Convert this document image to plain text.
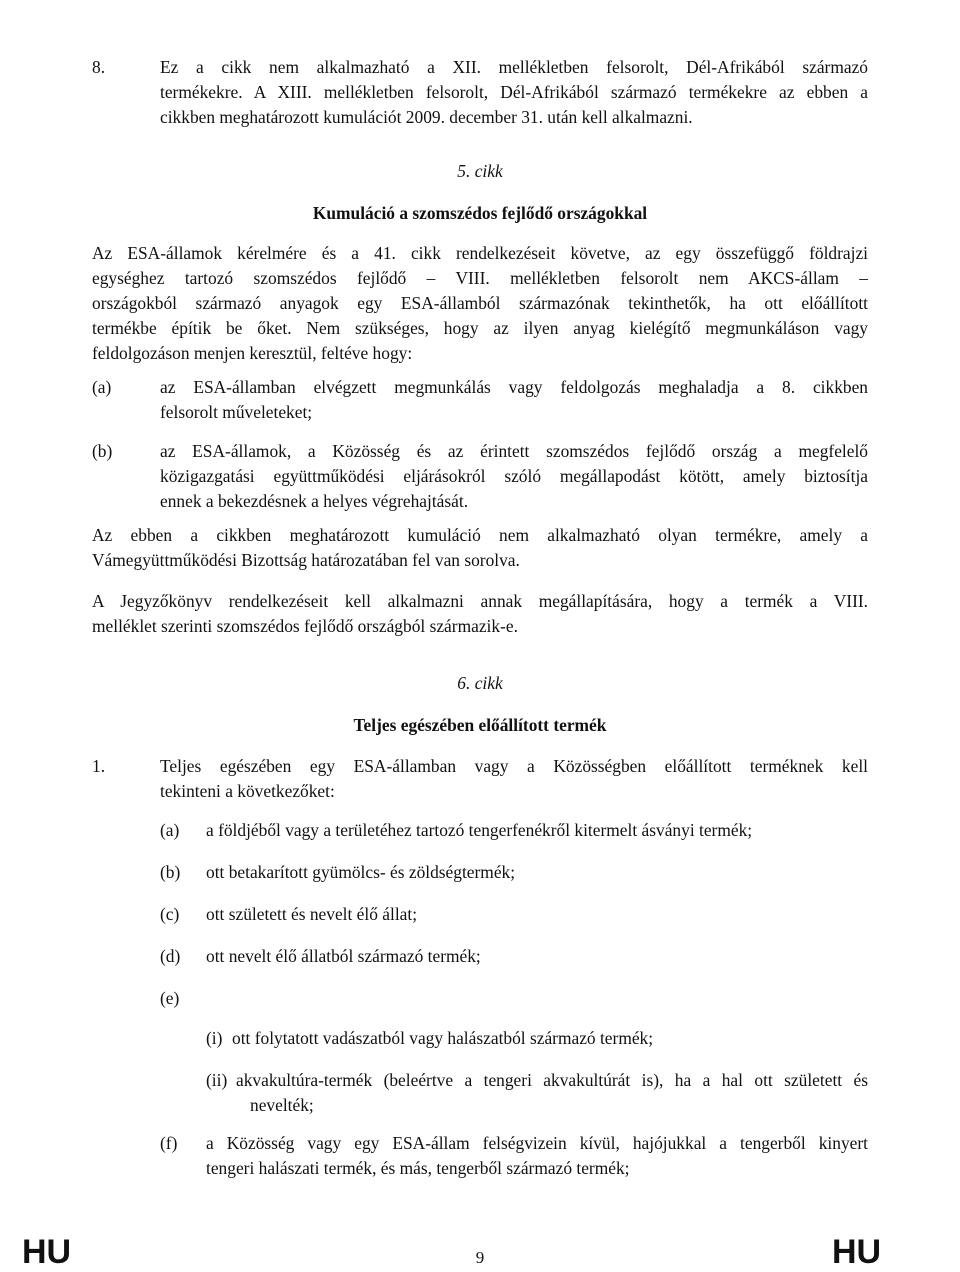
8.	Ez a cikk nem alkalmazható a XII. mellékletben felsorolt, Dél-Afrikából származó
termékekre. A XIII. mellékletben felsorolt, Dél-Afrikából származó termékekre az ebben a
cikkben meghatározott kumulációt 2009. december 31. után kell alkalmazni.
5. cikk
Kumuláció a szomszédos fejlődő országokkal
Az ESA-államok kérelmére és a 41. cikk rendelkezéseit követve, az egy összefüggő földrajzi
egységhez tartozó szomszédos fejlődő – VIII. mellékletben felsorolt nem AKCS-állam –
országokból származó anyagok egy ESA-államból származónak tekinthetők, ha ott előállított
termékbe építik be őket. Nem szükséges, hogy az ilyen anyag kielégítő megmunkáláson vagy
feldolgozáson menjen keresztül, feltéve hogy:
(a)	az ESA-államban elvégzett megmunkálás vagy feldolgozás meghaladja a 8. cikkben
felsorolt műveleteket;
(b)	az ESA-államok, a Közösség és az érintett szomszédos fejlődő ország a megfelelő
közigazgatási együttműködési eljárásokról szóló megállapodást kötött, amely biztosítja
ennek a bekezdésnek a helyes végrehajtását.
Az ebben a cikkben meghatározott kumuláció nem alkalmazható olyan termékre, amely a
Vámegyüttműködési Bizottság határozatában fel van sorolva.
A Jegyzőkönyv rendelkezéseit kell alkalmazni annak megállapítására, hogy a termék a VIII.
melléklet szerinti szomszédos fejlődő országból származik-e.
6. cikk
Teljes egészében előállított termék
1.	Teljes egészében egy ESA-államban vagy a Közösségben előállított terméknek kell
tekinteni a következőket:
(a) a földjéből vagy a területéhez tartozó tengerfenékről kitermelt ásványi termék;
(b) ott betakarított gyümölcs- és zöldségtermék;
(c) ott született és nevelt élő állat;
(d) ott nevelt élő állatból származó termék;
(e)
(i) ott folytatott vadászatból vagy halászatból származó termék;
(ii) akvakultúra-termék (beleértve a tengeri akvakultúrát is), ha a hal ott született és
nevelték;
(f) a Közösség vagy egy ESA-állam felségvizein kívül, hajójukkal a tengerből kinyert
tengeri halászati termék, és más, tengerből származó termék;
HU	9	HU
